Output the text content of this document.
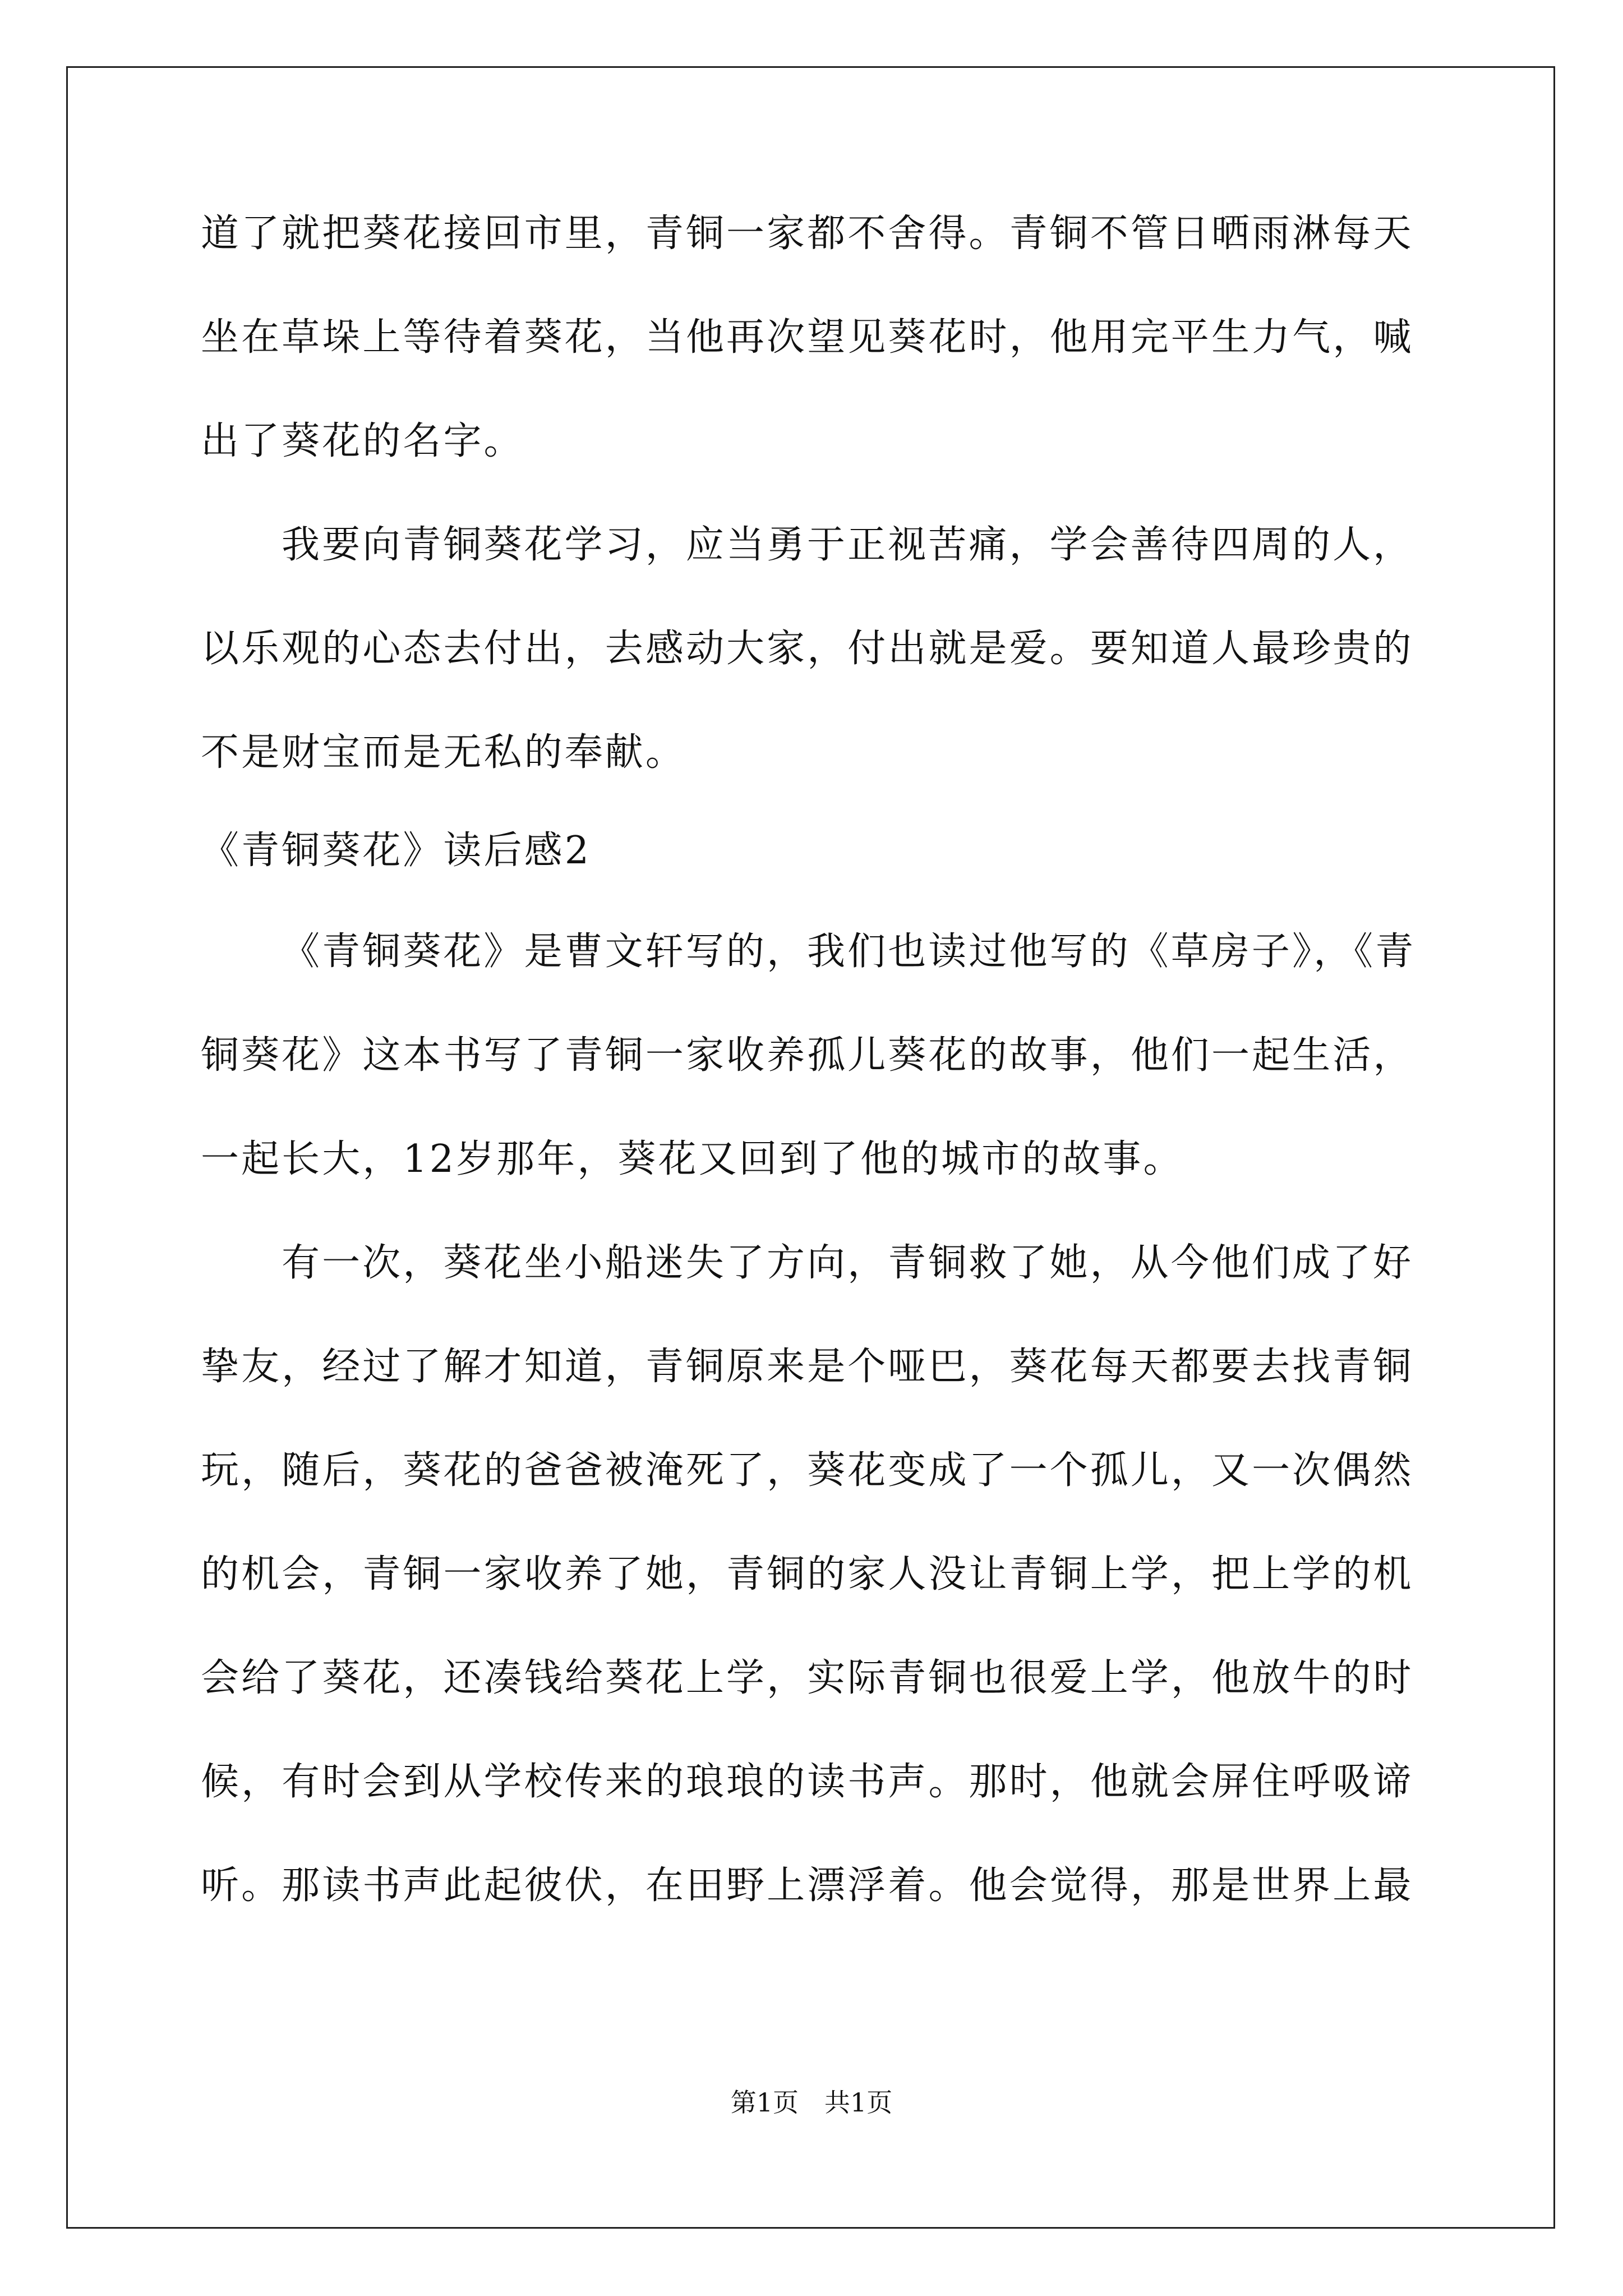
道了就把葵花接回市里，青铜一家都不舍得。青铜不管日晒雨淋每天
坐在草垛上等待着葵花，当他再次望见葵花时，他用完平生力气，喊
出了葵花的名字。
我要向青铜葵花学习，应当勇于正视苦痛，学会善待四周的人，
以乐观的心态去付出，去感动大家，付出就是爱。要知道人最珍贵的
不是财宝而是无私的奉献。
《青铜葵花》读后感2
《青铜葵花》是曹文轩写的，我们也读过他写的《草房子》，《青
铜葵花》这本书写了青铜一家收养孤儿葵花的故事，他们一起生活，
一起长大，12岁那年，葵花又回到了他的城市的故事。
有一次，葵花坐小船迷失了方向，青铜救了她，从今他们成了好
挚友，经过了解才知道，青铜原来是个哑巴，葵花每天都要去找青铜
玩，随后，葵花的爸爸被淹死了，葵花变成了一个孤儿，又一次偶然
的机会，青铜一家收养了她，青铜的家人没让青铜上学，把上学的机
会给了葵花，还凑钱给葵花上学，实际青铜也很爱上学，他放牛的时
候，有时会到从学校传来的琅琅的读书声。那时，他就会屏住呼吸谛
听。那读书声此起彼伏，在田野上漂浮着。他会觉得，那是世界上最
第1页　共1页
